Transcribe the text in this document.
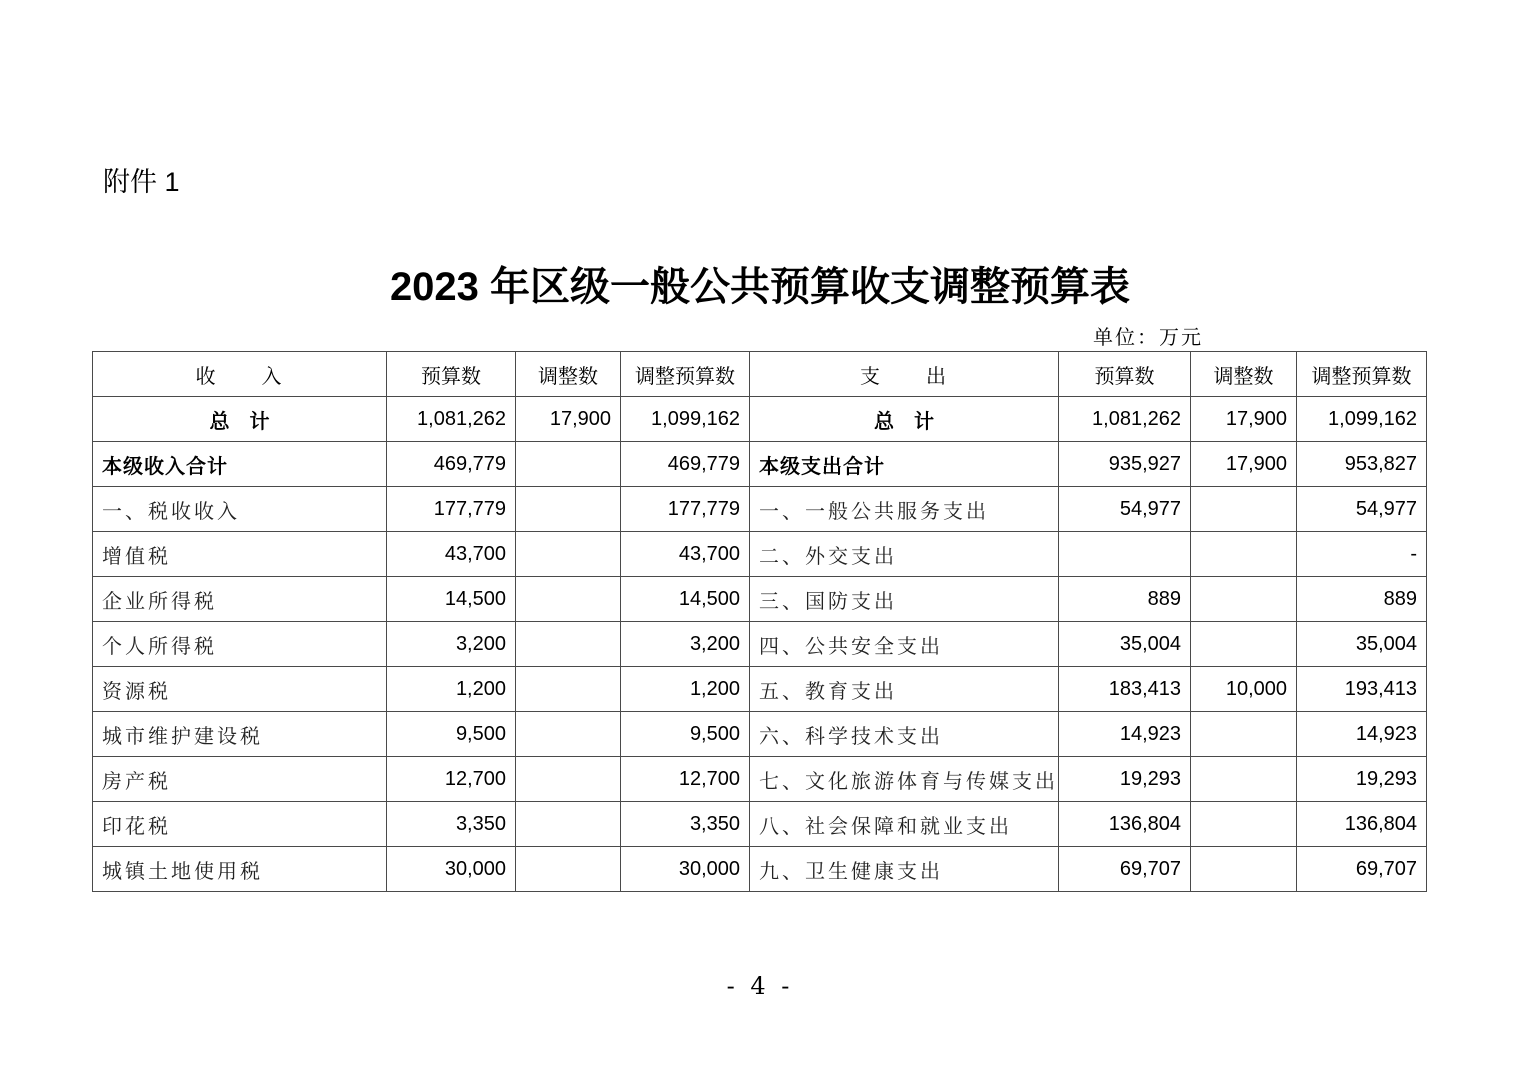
附件 1
2023 年区级一般公共预算收支调整预算表
单位：万元
收　　入	预算数	调整数	调整预算数	支　　出	预算数	调整数	调整预算数
总　计	1,081,262	17,900	1,099,162	总　计	1,081,262	17,900	1,099,162
本级收入合计	469,779		469,779	本级支出合计	935,927	17,900	953,827
一、税收收入	177,779		177,779	一、一般公共服务支出	54,977		54,977
增值税	43,700		43,700	二、外交支出			-
企业所得税	14,500		14,500	三、国防支出	889		889
个人所得税	3,200		3,200	四、公共安全支出	35,004		35,004
资源税	1,200		1,200	五、教育支出	183,413	10,000	193,413
城市维护建设税	9,500		9,500	六、科学技术支出	14,923		14,923
房产税	12,700		12,700	七、文化旅游体育与传媒支出	19,293		19,293
印花税	3,350		3,350	八、社会保障和就业支出	136,804		136,804
城镇土地使用税	30,000		30,000	九、卫生健康支出	69,707		69,707
- 4 -
